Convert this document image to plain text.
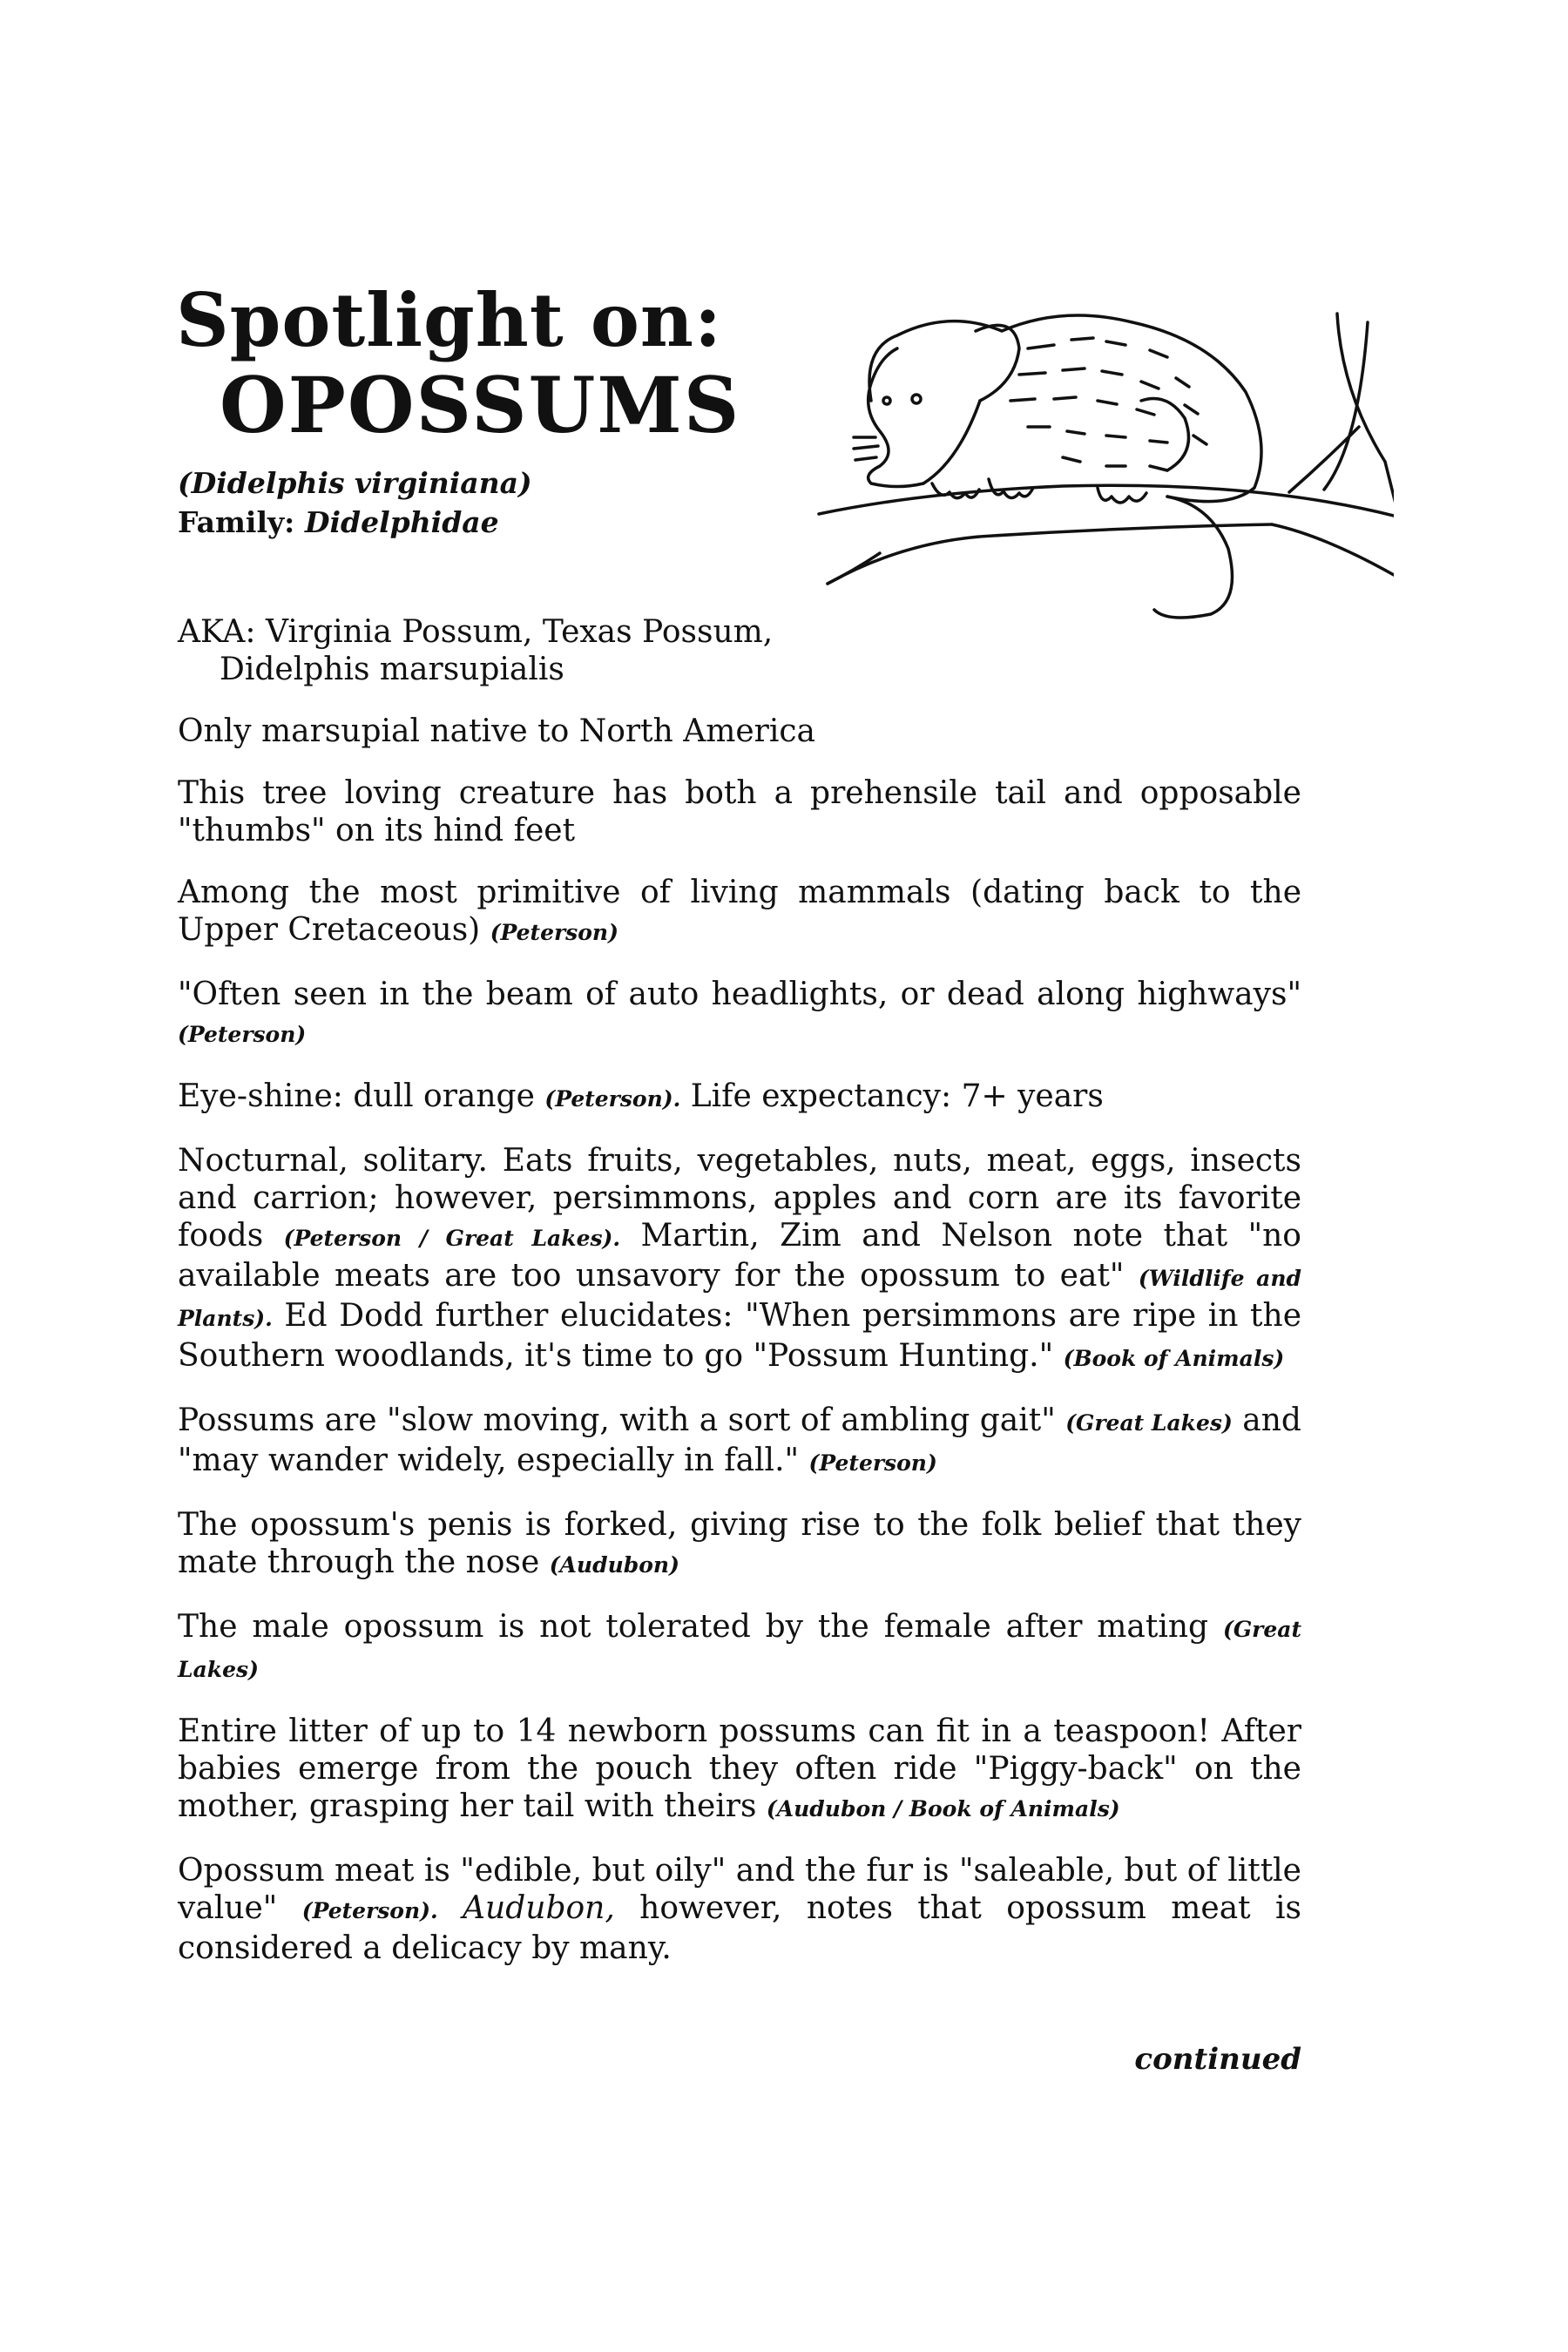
Spotlight on:
OPOSSUMS
(Didelphis virginiana)
Family: Didelphidae

AKA: Virginia Possum, Texas Possum,
Didelphis marsupialis

Only marsupial native to North America

This tree loving creature has both a prehensile tail and opposable "thumbs" on its hind feet

Among the most primitive of living mammals (dating back to the Upper Cretaceous) (Peterson)

"Often seen in the beam of auto headlights, or dead along highways" (Peterson)

Eye-shine: dull orange (Peterson). Life expectancy: 7+ years

Nocturnal, solitary. Eats fruits, vegetables, nuts, meat, eggs, insects and carrion; however, persimmons, apples and corn are its favorite foods (Peterson / Great Lakes). Martin, Zim and Nelson note that "no available meats are too unsavory for the opossum to eat" (Wildlife and Plants). Ed Dodd further elucidates: "When persimmons are ripe in the Southern woodlands, it's time to go "Possum Hunting." (Book of Animals)

Possums are "slow moving, with a sort of ambling gait" (Great Lakes) and "may wander widely, especially in fall." (Peterson)

The opossum's penis is forked, giving rise to the folk belief that they mate through the nose (Audubon)

The male opossum is not tolerated by the female after mating (Great Lakes)

Entire litter of up to 14 newborn possums can fit in a teaspoon! After babies emerge from the pouch they often ride "Piggy-back" on the mother, grasping her tail with theirs (Audubon / Book of Animals)

Opossum meat is "edible, but oily" and the fur is "saleable, but of little value" (Peterson). Audubon, however, notes that opossum meat is considered a delicacy by many.

continued
